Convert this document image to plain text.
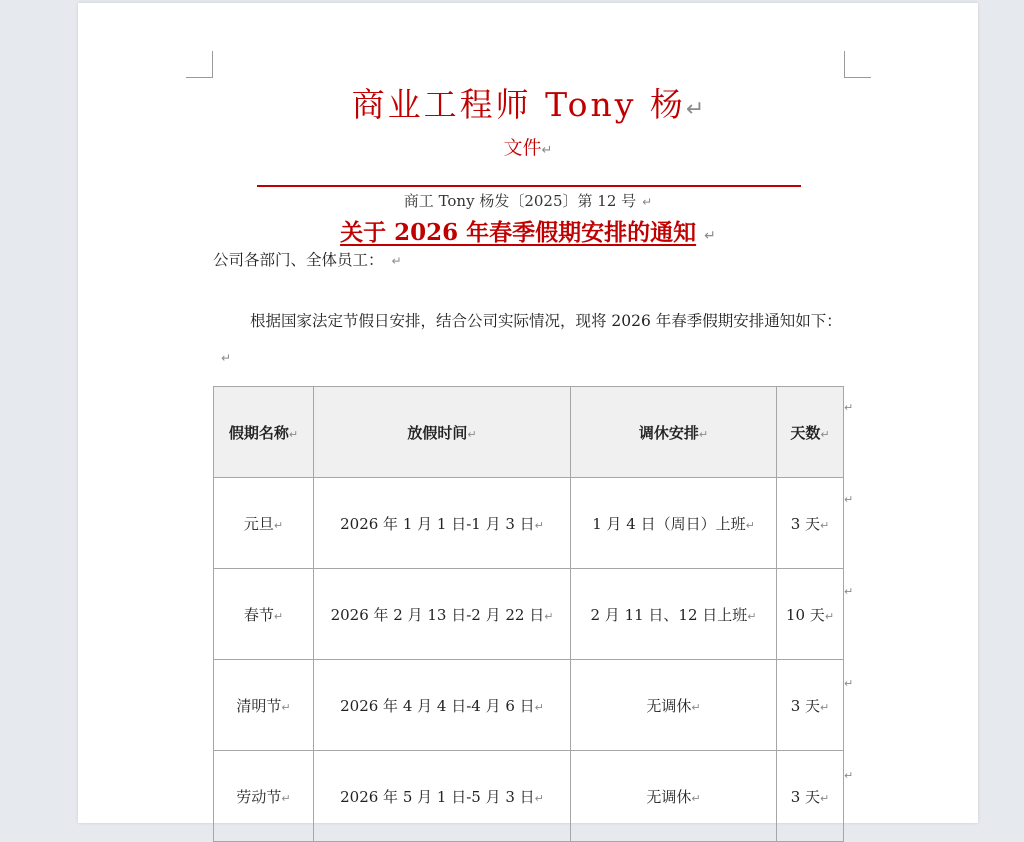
商业工程师 Tony 杨↵
文件↵
商工 Tony 杨发〔2025〕第 12 号 ↵
关于 2026 年春季假期安排的通知 ↵
公司各部门、全体员工： ↵
根据国家法定节假日安排，结合公司实际情况，现将 2026 年春季假期安排通知如下：↵
假期名称↵	放假时间↵	调休安排↵	天数↵
元旦↵	2026 年 1 月 1 日-1 月 3 日↵	1 月 4 日（周日）上班↵	3 天↵
春节↵	2026 年 2 月 13 日-2 月 22 日↵	2 月 11 日、12 日上班↵	10 天↵
清明节↵	2026 年 4 月 4 日-4 月 6 日↵	无调休↵	3 天↵
劳动节↵	2026 年 5 月 1 日-5 月 3 日↵	无调休↵	3 天↵
↵
↵
↵
↵
↵
